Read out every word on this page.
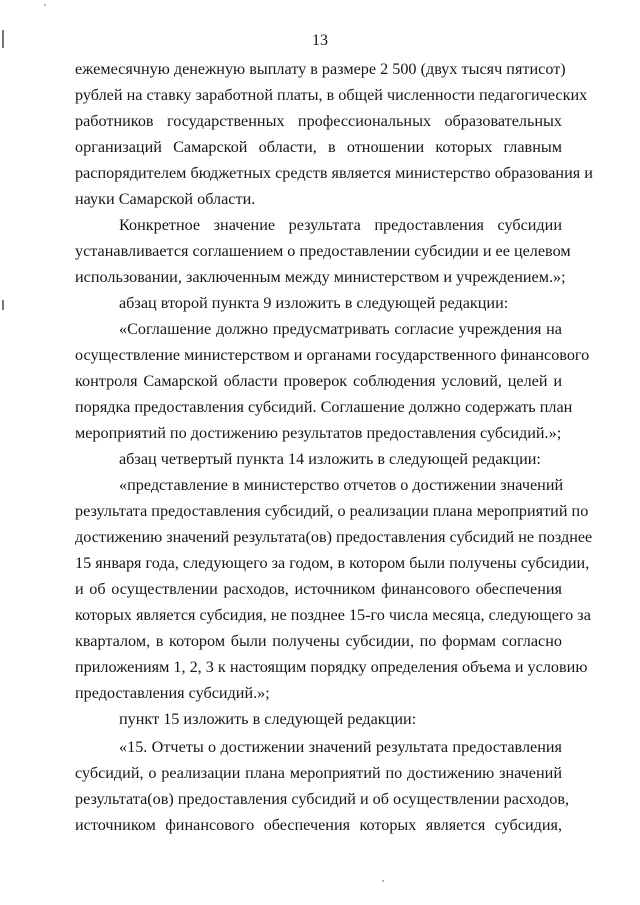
13
ежемесячную денежную выплату в размере 2 500 (двух тысяч пятисот)
рублей на ставку заработной платы, в общей численности педагогических
работников государственных профессиональных образовательных
организаций Самарской области, в отношении которых главным
распорядителем бюджетных средств является министерство образования и
науки Самарской области.
Конкретное значение результата предоставления субсидии
устанавливается соглашением о предоставлении субсидии и ее целевом
использовании, заключенным между министерством и учреждением.»;
абзац второй пункта 9 изложить в следующей редакции:
«Соглашение должно предусматривать согласие учреждения на
осуществление министерством и органами государственного финансового
контроля Самарской области проверок соблюдения условий, целей и
порядка предоставления субсидий. Соглашение должно содержать план
мероприятий по достижению результатов предоставления субсидий.»;
абзац четвертый пункта 14 изложить в следующей редакции:
«представление в министерство отчетов о достижении значений
результата предоставления субсидий, о реализации плана мероприятий по
достижению значений результата(ов) предоставления субсидий не позднее
15 января года, следующего за годом, в котором были получены субсидии,
и об осуществлении расходов, источником финансового обеспечения
которых является субсидия, не позднее 15-го числа месяца, следующего за
кварталом, в котором были получены субсидии, по формам согласно
приложениям 1, 2, 3 к настоящим порядку определения объема и условию
предоставления субсидий.»;
пункт 15 изложить в следующей редакции:
«15. Отчеты о достижении значений результата предоставления
субсидий, о реализации плана мероприятий по достижению значений
результата(ов) предоставления субсидий и об осуществлении расходов,
источником финансового обеспечения которых является субсидия,
